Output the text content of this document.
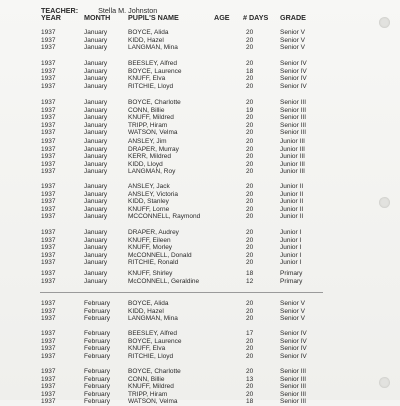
TEACHER:	Stella M. Johnston
YEAR	MONTH PUPIL'S NAME	AGE # DAYS GRADE
1937	January	BOYCE, Alida	20	Senior V
1937	January	KIDD, Hazel	20	Senior V
1937	January	LANGMAN, Mina	20	Senior V
1937	January	BEESLEY, Alfred	20	Senior IV
1937	January	BOYCE, Laurence	18	Senior IV
1937	January	KNUFF, Elva	20	Senior IV
1937	January	RITCHIE, Lloyd	20	Senior IV
1937	January	BOYCE, Charlotte	20	Senior III
1937	January	CONN, Billie	19	Senior III
1937	January	KNUFF, Mildred	20	Senior III
1937	January	TRIPP, Hiram	20	Senior III
1937	January	WATSON, Velma	20	Senior III
1937	January	ANSLEY, Jim	20	Junior III
1937	January	DRAPER, Murray	20	Junior III
1937	January	KERR, Mildred	20	Junior III
1937	January	KIDD, Lloyd	20	Junior III
1937	January	LANGMAN, Roy	20	Junior III
1937	January	ANSLEY, Jack	20	Junior II
1937	January	ANSLEY, Victoria	20	Junior II
1937	January	KIDD, Stanley	20	Junior II
1937	January	KNUFF, Lorne	20	Junior II
1937	January	MCCONNELL, Raymond	20	Junior II
1937	January	DRAPER, Audrey	20	Junior I
1937	January	KNUFF, Eileen	20	Junior I
1937	January	KNUFF, Morley	20	Junior I
1937	January	McCONNELL, Donald	20	Junior I
1937	January	RITCHIE, Ronald	20	Junior I
1937	January	KNUFF, Shirley	18	Primary
1937	January	McCONNELL, Geraldine	12	Primary
1937	February	BOYCE, Alida	20	Senior V
1937	February	KIDD, Hazel	20	Senior V
1937	February	LANGMAN, Mina	20	Senior V
1937	February	BEESLEY, Alfred	17	Senior IV
1937	February	BOYCE, Laurence	20	Senior IV
1937	February	KNUFF, Elva	20	Senior IV
1937	February	RITCHIE, Lloyd	20	Senior IV
1937	February	BOYCE, Charlotte	20	Senior III
1937	February	CONN, Billie	13	Senior III
1937	February	KNUFF, Mildred	20	Senior III
1937	February	TRIPP, Hiram	20	Senior III
1937	February	WATSON, Velma	18	Senior III
